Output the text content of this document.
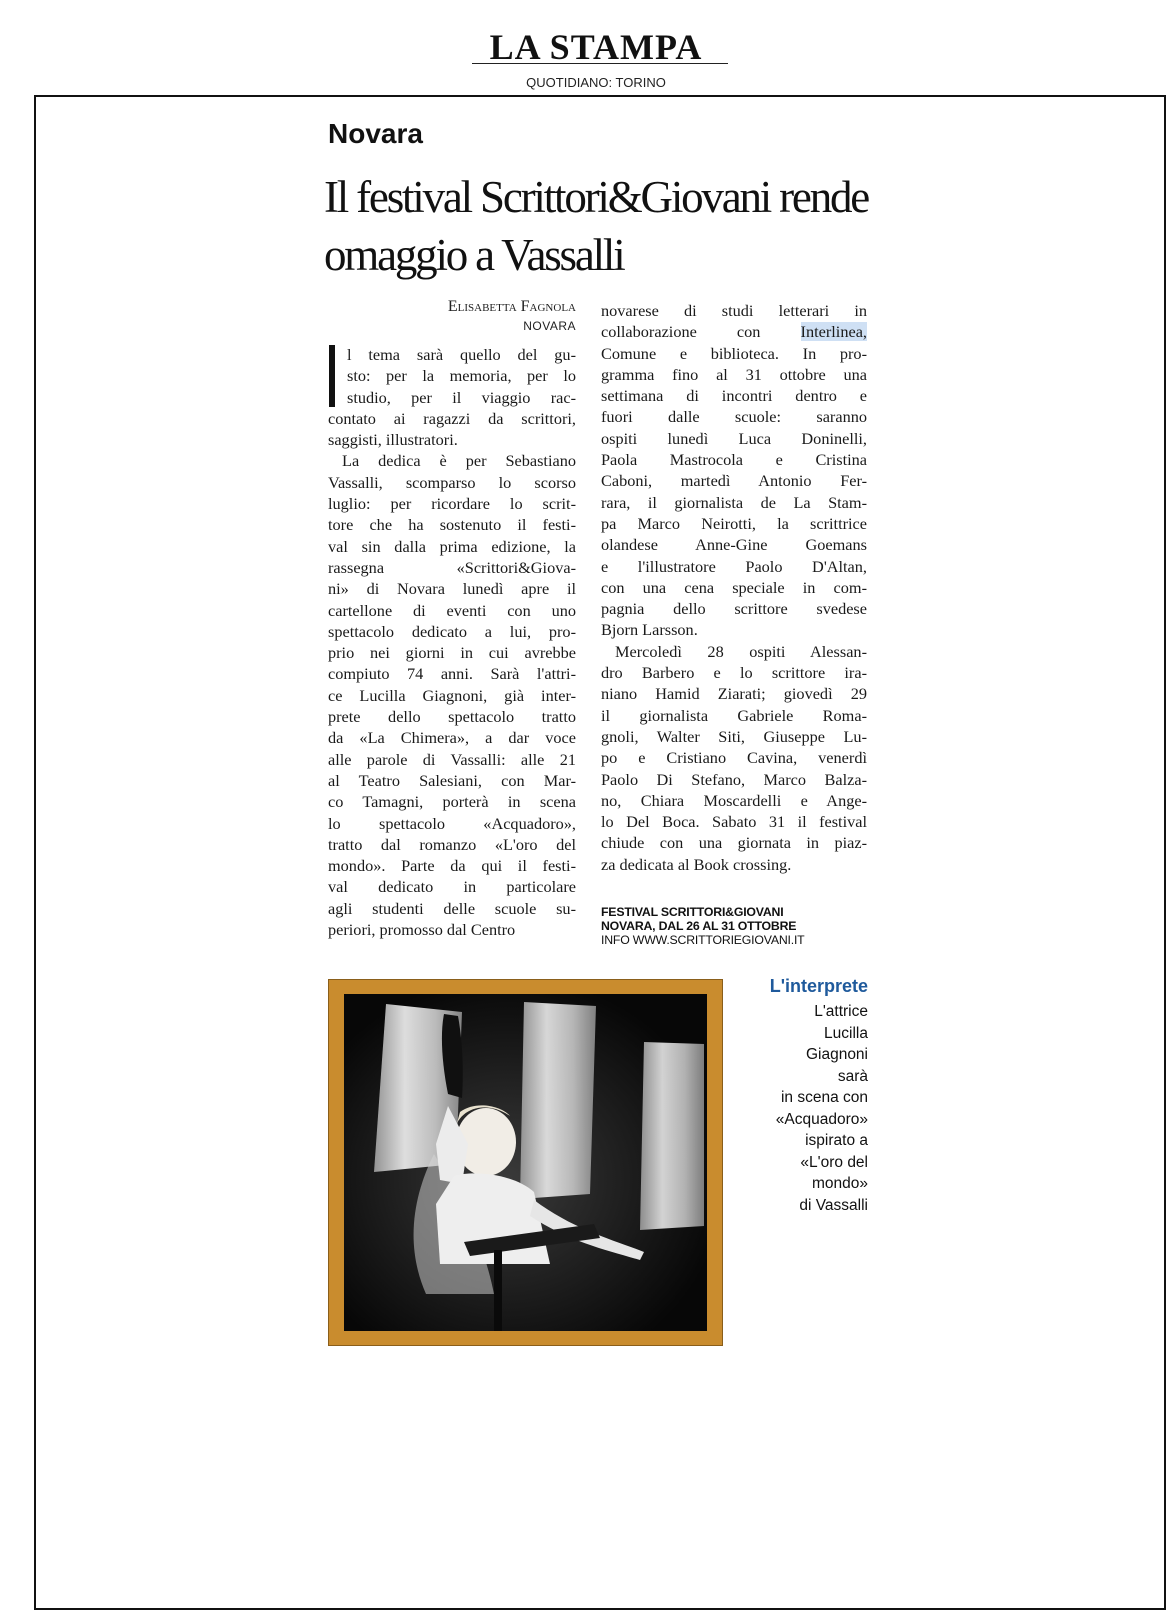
LA STAMPA
QUOTIDIANO: TORINO
Novara
Il festival Scrittori&Giovani rende omaggio a Vassalli
Elisabetta Fagnola
NOVARA
l tema sarà quello del gu-
sto: per la memoria, per lo
studio, per il viaggio rac-
contato ai ragazzi da scrittori,
saggisti, illustratori.
La dedica è per Sebastiano
Vassalli, scomparso lo scorso
luglio: per ricordare lo scrit-
tore che ha sostenuto il festi-
val sin dalla prima edizione, la
rassegna «Scrittori&Giova-
ni» di Novara lunedì apre il
cartellone di eventi con uno
spettacolo dedicato a lui, pro-
prio nei giorni in cui avrebbe
compiuto 74 anni. Sarà l'attri-
ce Lucilla Giagnoni, già inter-
prete dello spettacolo tratto
da «La Chimera», a dar voce
alle parole di Vassalli: alle 21
al Teatro Salesiani, con Mar-
co Tamagni, porterà in scena
lo spettacolo «Acquadoro»,
tratto dal romanzo «L'oro del
mondo». Parte da qui il festi-
val dedicato in particolare
agli studenti delle scuole su-
periori, promosso dal Centro
novarese di studi letterari in
collaborazione con Interlinea,
Comune e biblioteca. In pro-
gramma fino al 31 ottobre una
settimana di incontri dentro e
fuori dalle scuole: saranno
ospiti lunedì Luca Doninelli,
Paola Mastrocola e Cristina
Caboni, martedì Antonio Fer-
rara, il giornalista de La Stam-
pa Marco Neirotti, la scrittrice
olandese Anne-Gine Goemans
e l'illustratore Paolo D'Altan,
con una cena speciale in com-
pagnia dello scrittore svedese
Bjorn Larsson.
Mercoledì 28 ospiti Alessan-
dro Barbero e lo scrittore ira-
niano Hamid Ziarati; giovedì 29
il giornalista Gabriele Roma-
gnoli, Walter Siti, Giuseppe Lu-
po e Cristiano Cavina, venerdì
Paolo Di Stefano, Marco Balza-
no, Chiara Moscardelli e Ange-
lo Del Boca. Sabato 31 il festival
chiude con una giornata in piaz-
za dedicata al Book crossing.
FESTIVAL SCRITTORI&GIOVANI
NOVARA, DAL 26 AL 31 OTTOBRE
INFO WWW.SCRITTORIEGIOVANI.IT
L'interprete
L'attrice
Lucilla
Giagnoni
sarà
in scena con
«Acquadoro»
ispirato a
«L'oro del
mondo»
di Vassalli
